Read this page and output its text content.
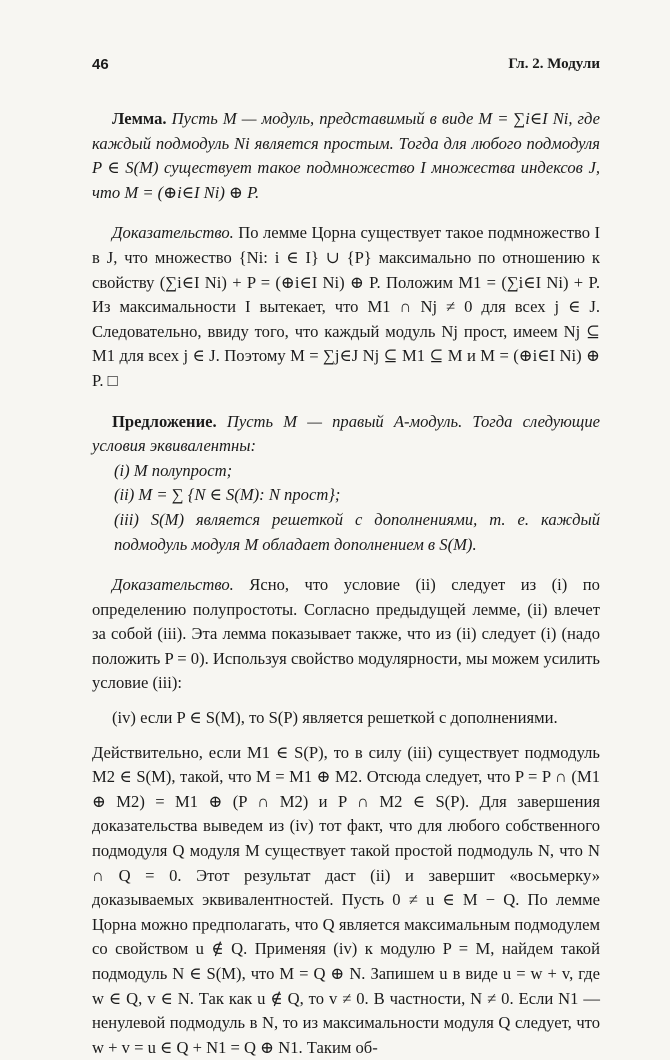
46	Гл. 2. Модули

Лемма. Пусть M — модуль, представимый в виде M = ∑i∈I Ni, где каждый подмодуль Ni является простым. Тогда для любого подмодуля P ∈ S(M) существует такое подмножество I множества индексов J, что M = (⊕i∈I Ni) ⊕ P.

Доказательство. По лемме Цорна существует такое подмножество I в J, что множество {Ni: i ∈ I} ∪ {P} максимально по отношению к свойству (∑i∈I Ni) + P = (⊕i∈I Ni) ⊕ P. Положим M1 = (∑i∈I Ni) + P. Из максимальности I вытекает, что M1 ∩ Nj ≠ 0 для всех j ∈ J. Следовательно, ввиду того, что каждый модуль Nj прост, имеем Nj ⊆ M1 для всех j ∈ J. Поэтому M = ∑j∈J Nj ⊆ M1 ⊆ M и M = (⊕i∈I Ni) ⊕ P. □

Предложение. Пусть M — правый A-модуль. Тогда следующие условия эквивалентны:

(i) M полупрост;
(ii) M = ∑ {N ∈ S(M): N прост};
(iii) S(M) является решеткой с дополнениями, т. е. каждый подмодуль модуля M обладает дополнением в S(M).

Доказательство. Ясно, что условие (ii) следует из (i) по определению полупростоты. Согласно предыдущей лемме, (ii) влечет за собой (iii). Эта лемма показывает также, что из (ii) следует (i) (надо положить P = 0). Используя свойство модулярности, мы можем усилить условие (iii):

(iv) если P ∈ S(M), то S(P) является решеткой с дополнениями.

Действительно, если M1 ∈ S(P), то в силу (iii) существует подмодуль M2 ∈ S(M), такой, что M = M1 ⊕ M2. Отсюда следует, что P = P ∩ (M1 ⊕ M2) = M1 ⊕ (P ∩ M2) и P ∩ M2 ∈ S(P). Для завершения доказательства выведем из (iv) тот факт, что для любого собственного подмодуля Q модуля M существует такой простой подмодуль N, что N ∩ Q = 0. Этот результат даст (ii) и завершит «восьмерку» доказываемых эквивалентностей. Пусть 0 ≠ u ∈ M − Q. По лемме Цорна можно предполагать, что Q является максимальным подмодулем со свойством u ∉ Q. Применяя (iv) к модулю P = M, найдем такой подмодуль N ∈ S(M), что M = Q ⊕ N. Запишем u в виде u = w + v, где w ∈ Q, v ∈ N. Так как u ∉ Q, то v ≠ 0. В частности, N ≠ 0. Если N1 — ненулевой подмодуль в N, то из максимальности модуля Q следует, что w + v = u ∈ Q + N1 = Q ⊕ N1. Таким об-
